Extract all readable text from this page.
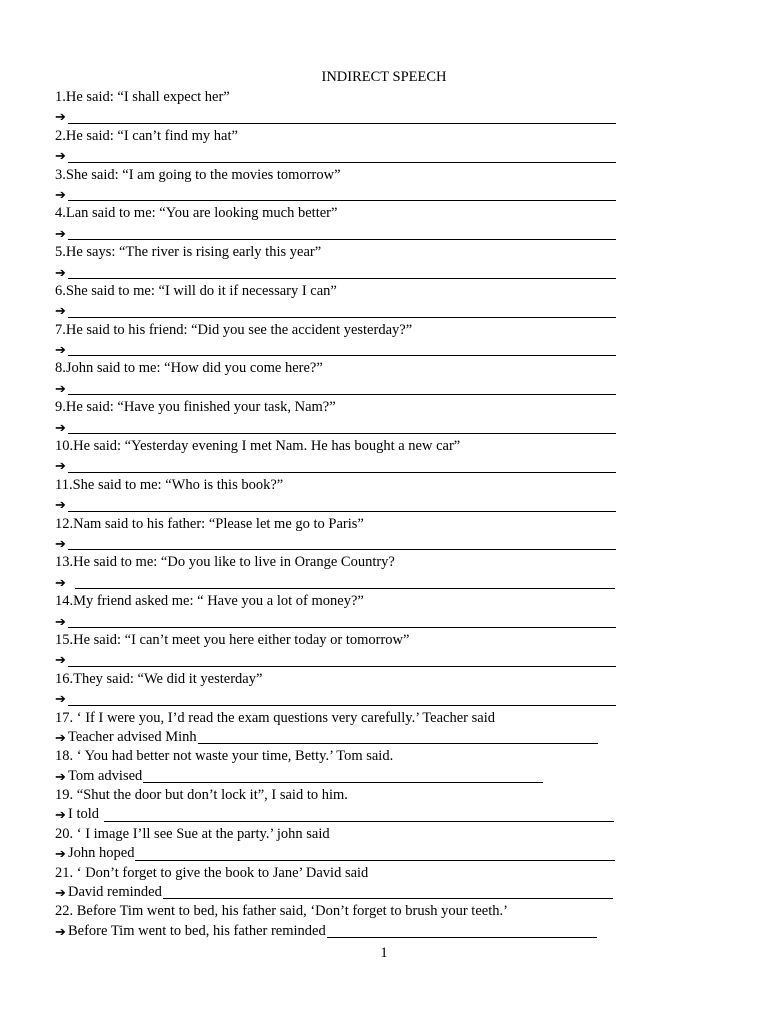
INDIRECT SPEECH
1.He said: “I shall expect her”
➔
2.He said: “I can’t find my hat”
➔
3.She said: “I am going to the movies tomorrow”
➔
4.Lan said to me: “You are looking much better”
➔
5.He says: “The river is rising early this year”
➔
6.She said to me: “I will do it if necessary I can”
➔
7.He said to his friend: “Did you see the accident yesterday?”
➔
8.John said to me: “How did you come here?”
➔
9.He said: “Have you finished your task, Nam?”
➔
10.He said: “Yesterday evening I met Nam. He has bought a new car”
➔
11.She said to me: “Who is this book?”
➔
12.Nam said to his father: “Please let me go to Paris”
➔
13.He said to me: “Do you like to live in Orange Country?
➔
14.My friend asked me: “ Have you a lot of money?”
➔
15.He said: “I can’t meet you here either today or tomorrow”
➔
16.They said: “We did it yesterday”
➔
17. ‘ If I were you, I’d read the exam questions very carefully.’ Teacher said
➔ Teacher advised Minh
18. ‘ You had better not waste your time, Betty.’ Tom said.
➔ Tom advised
19. “Shut the door but don’t lock it”, I said to him.
➔ I told

20. ‘ I image I’ll see Sue at the party.’ john said
➔ John hoped
21. ‘ Don’t forget to give the book to Jane’ David said
➔ David reminded
22. Before Tim went to bed, his father said, ‘Don’t forget to brush your teeth.’
➔ Before Tim went to bed, his father reminded
1
